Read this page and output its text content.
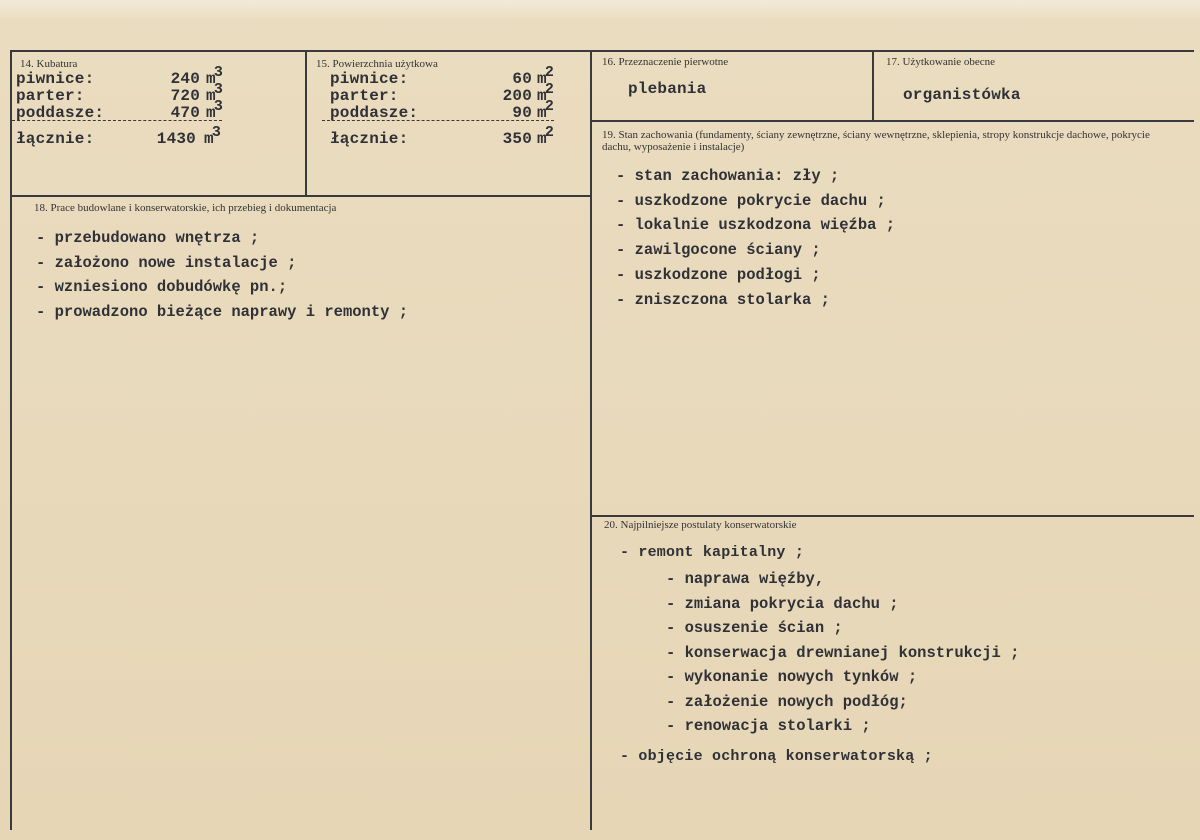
14. Kubatura
piwnice:	240 m3
parter:	720 m3
poddasze:	470 m3
łącznie:	1430 m3
15. Powierzchnia użytkowa
piwnice:	60 m2
parter:	200 m2
poddasze:	90 m2
łącznie:	350 m2
16. Przeznaczenie pierwotne
plebania
17. Użytkowanie obecne
organistówka
18. Prace budowlane i konserwatorskie, ich przebieg i dokumentacja
- przebudowano wnętrza ;
- założono nowe instalacje ;
- wzniesiono dobudówkę pn.;
- prowadzono bieżące naprawy i remonty ;
19. Stan zachowania (fundamenty, ściany zewnętrzne, ściany wewnętrzne, sklepienia, stropy konstrukcje dachowe, pokrycie dachu, wyposażenie i instalacje)
- stan zachowania: zły ;
- uszkodzone pokrycie dachu ;
- lokalnie uszkodzona więźba ;
- zawilgocone ściany ;
- uszkodzone podłogi ;
- zniszczona stolarka ;
20. Najpilniejsze postulaty konserwatorskie
- remont kapitalny ;
- naprawa więźby,
- zmiana pokrycia dachu ;
- osuszenie ścian ;
- konserwacja drewnianej konstrukcji ;
- wykonanie nowych tynków ;
- założenie nowych podłóg;
- renowacja stolarki ;
- objęcie ochroną konserwatorską ;
